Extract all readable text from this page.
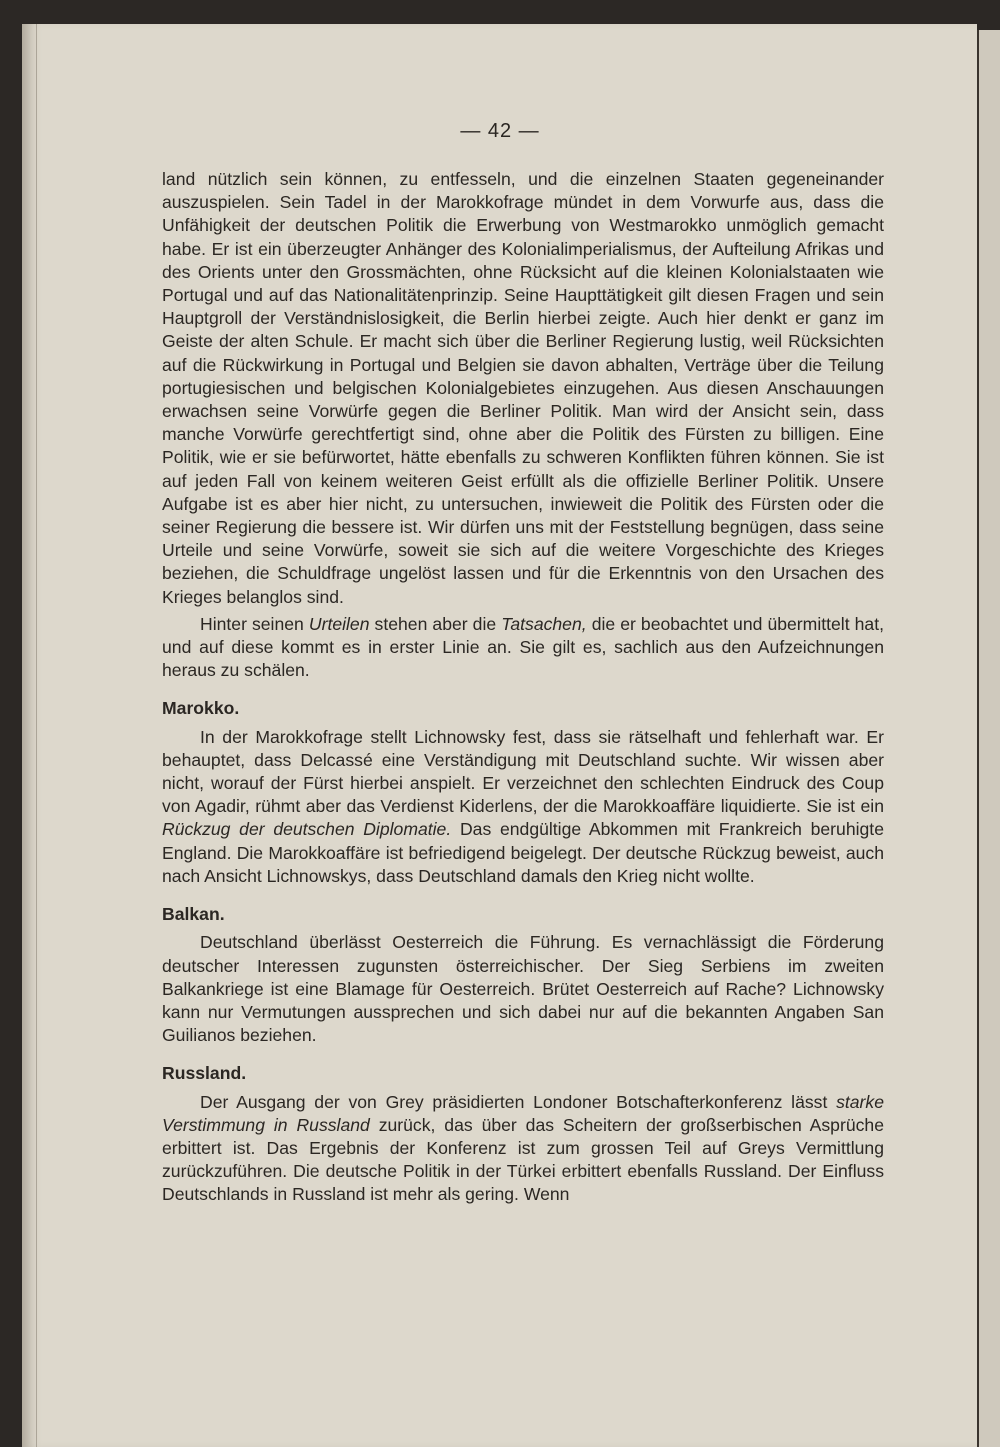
— 42 —

land nützlich sein können, zu entfesseln, und die einzelnen Staaten gegeneinander auszuspielen. Sein Tadel in der Marokkofrage mündet in dem Vorwurfe aus, dass die Unfähigkeit der deutschen Politik die Erwerbung von Westmarokko unmöglich gemacht habe. Er ist ein überzeugter Anhänger des Kolonialimperialismus, der Aufteilung Afrikas und des Orients unter den Grossmächten, ohne Rücksicht auf die kleinen Kolonialstaaten wie Portugal und auf das Nationalitätenprinzip. Seine Haupttätigkeit gilt diesen Fragen und sein Hauptgroll der Verständnislosigkeit, die Berlin hierbei zeigte. Auch hier denkt er ganz im Geiste der alten Schule. Er macht sich über die Berliner Regierung lustig, weil Rücksichten auf die Rückwirkung in Portugal und Belgien sie davon abhalten, Verträge über die Teilung portugiesischen und belgischen Kolonialgebietes einzugehen. Aus diesen Anschauungen erwachsen seine Vorwürfe gegen die Berliner Politik. Man wird der Ansicht sein, dass manche Vorwürfe gerechtfertigt sind, ohne aber die Politik des Fürsten zu billigen. Eine Politik, wie er sie befürwortet, hätte ebenfalls zu schweren Konflikten führen können. Sie ist auf jeden Fall von keinem weiteren Geist erfüllt als die offizielle Berliner Politik. Unsere Aufgabe ist es aber hier nicht, zu untersuchen, inwieweit die Politik des Fürsten oder die seiner Regierung die bessere ist. Wir dürfen uns mit der Feststellung begnügen, dass seine Urteile und seine Vorwürfe, soweit sie sich auf die weitere Vorgeschichte des Krieges beziehen, die Schuldfrage ungelöst lassen und für die Erkenntnis von den Ursachen des Krieges belanglos sind.

Hinter seinen Urteilen stehen aber die Tatsachen, die er beobachtet und übermittelt hat, und auf diese kommt es in erster Linie an. Sie gilt es, sachlich aus den Aufzeichnungen heraus zu schälen.

Marokko.

In der Marokkofrage stellt Lichnowsky fest, dass sie rätselhaft und fehlerhaft war. Er behauptet, dass Delcassé eine Verständigung mit Deutschland suchte. Wir wissen aber nicht, worauf der Fürst hierbei anspielt. Er verzeichnet den schlechten Eindruck des Coup von Agadir, rühmt aber das Verdienst Kiderlens, der die Marokkoaffäre liquidierte. Sie ist ein Rückzug der deutschen Diplomatie. Das endgültige Abkommen mit Frankreich beruhigte England. Die Marokkoaffäre ist befriedigend beigelegt. Der deutsche Rückzug beweist, auch nach Ansicht Lichnowskys, dass Deutschland damals den Krieg nicht wollte.

Balkan.

Deutschland überlässt Oesterreich die Führung. Es vernachlässigt die Förderung deutscher Interessen zugunsten österreichischer. Der Sieg Serbiens im zweiten Balkankriege ist eine Blamage für Oesterreich. Brütet Oesterreich auf Rache? Lichnowsky kann nur Vermutungen aussprechen und sich dabei nur auf die bekannten Angaben San Guilianos beziehen.

Russland.

Der Ausgang der von Grey präsidierten Londoner Botschafterkonferenz lässt starke Verstimmung in Russland zurück, das über das Scheitern der großserbischen Asprüche erbittert ist. Das Ergebnis der Konferenz ist zum grossen Teil auf Greys Vermittlung zurückzuführen. Die deutsche Politik in der Türkei erbittert ebenfalls Russland. Der Einfluss Deutschlands in Russland ist mehr als gering. Wenn
